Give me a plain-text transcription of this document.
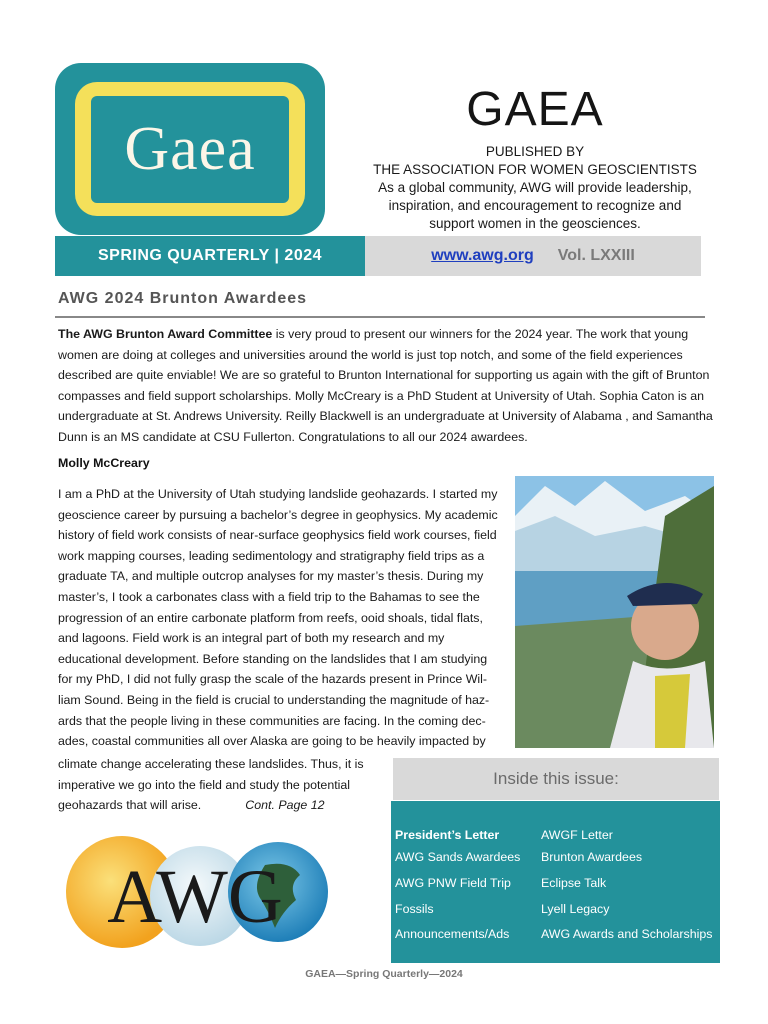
Gaea
GAEA
PUBLISHED BY
THE ASSOCIATION FOR WOMEN GEOSCIENTISTS
As a global community, AWG will provide leadership,
inspiration, and encouragement to recognize and
support women in the geosciences.
SPRING QUARTERLY | 2024	www.awg.org Vol. LXXIII
AWG 2024 Brunton Awardees
The AWG Brunton Award Committee is very proud to present our winners for the 2024 year. The work that young women are doing at colleges and universities around the world is just top notch, and some of the field experiences described are quite enviable! We are so grateful to Brunton International for supporting us again with the gift of Brunton compasses and field support scholarships. Molly McCreary is a PhD Student at University of Utah. Sophia Caton is an undergraduate at St. Andrews University. Reilly Blackwell is an undergraduate at University of Alabama , and Samantha Dunn is an MS candidate at CSU Fullerton. Congratulations to all our 2024 awardees.
Molly McCreary
I am a PhD at the University of Utah studying landslide geohazards. I started my
geoscience career by pursuing a bachelor’s degree in geophysics. My academic
history of field work consists of near-surface geophysics field work courses, field
work mapping courses, leading sedimentology and stratigraphy field trips as a
graduate TA, and multiple outcrop analyses for my master’s thesis. During my
master’s, I took a carbonates class with a field trip to the Bahamas to see the
progression of an entire carbonate platform from reefs, ooid shoals, tidal flats,
and lagoons. Field work is an integral part of both my research and my
educational development. Before standing on the landslides that I am studying
for my PhD, I did not fully grasp the scale of the hazards present in Prince Wil-
liam Sound. Being in the field is crucial to understanding the magnitude of haz-
ards that the people living in these communities are facing. In the coming dec-
ades, coastal communities all over Alaska are going to be heavily impacted by
climate change accelerating these landslides. Thus, it is
imperative we go into the field and study the potential
geohazards that will arise.	Cont. Page 12
Inside this issue:
President’s Letter
AWG Sands Awardees
AWG PNW Field Trip
Fossils
Announcements/Ads
AWGF Letter
Brunton Awardees
Eclipse Talk
Lyell Legacy
AWG Awards and Scholarships
AWG
GAEA—Spring Quarterly—2024
